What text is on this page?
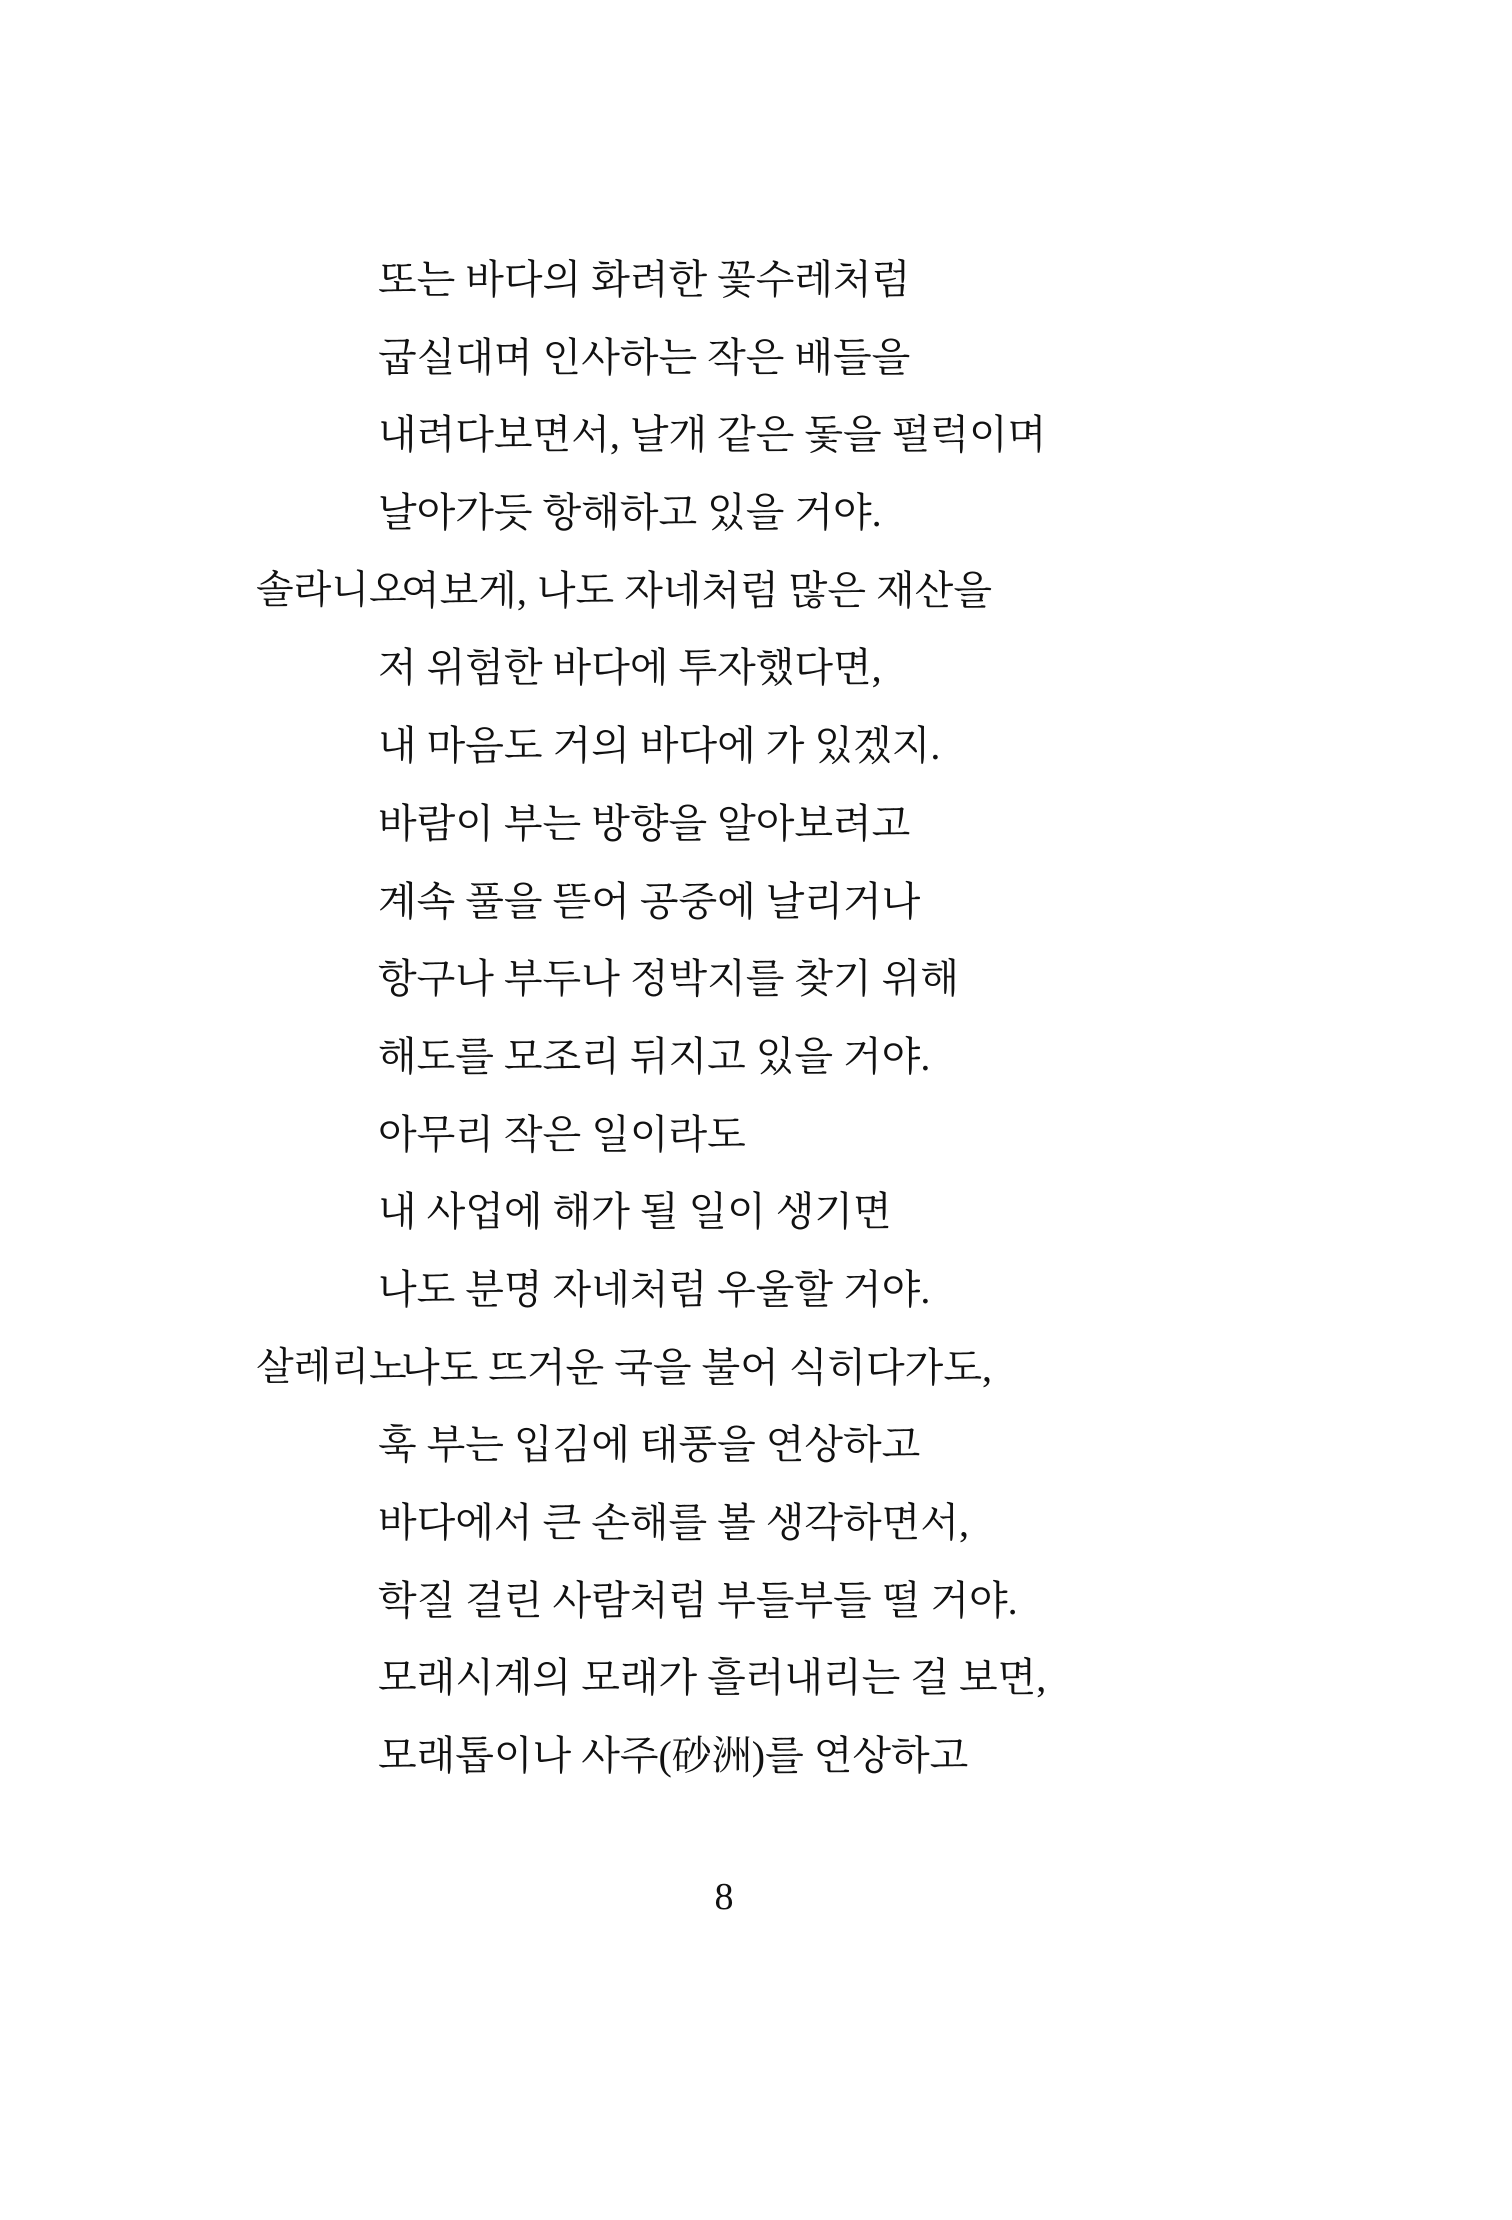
또는 바다의 화려한 꽃수레처럼
굽실대며 인사하는 작은 배들을
내려다보면서, 날개 같은 돛을 펄럭이며
날아가듯 항해하고 있을 거야.
솔라니오
여보게, 나도 자네처럼 많은 재산을
저 위험한 바다에 투자했다면,
내 마음도 거의 바다에 가 있겠지.
바람이 부는 방향을 알아보려고
계속 풀을 뜯어 공중에 날리거나
항구나 부두나 정박지를 찾기 위해
해도를 모조리 뒤지고 있을 거야.
아무리 작은 일이라도
내 사업에 해가 될 일이 생기면
나도 분명 자네처럼 우울할 거야.
살레리노
나도 뜨거운 국을 불어 식히다가도,
훅 부는 입김에 태풍을 연상하고
바다에서 큰 손해를 볼 생각하면서,
학질 걸린 사람처럼 부들부들 떨 거야.
모래시계의 모래가 흘러내리는 걸 보면,
모래톱이나 사주(砂洲)를 연상하고
8
